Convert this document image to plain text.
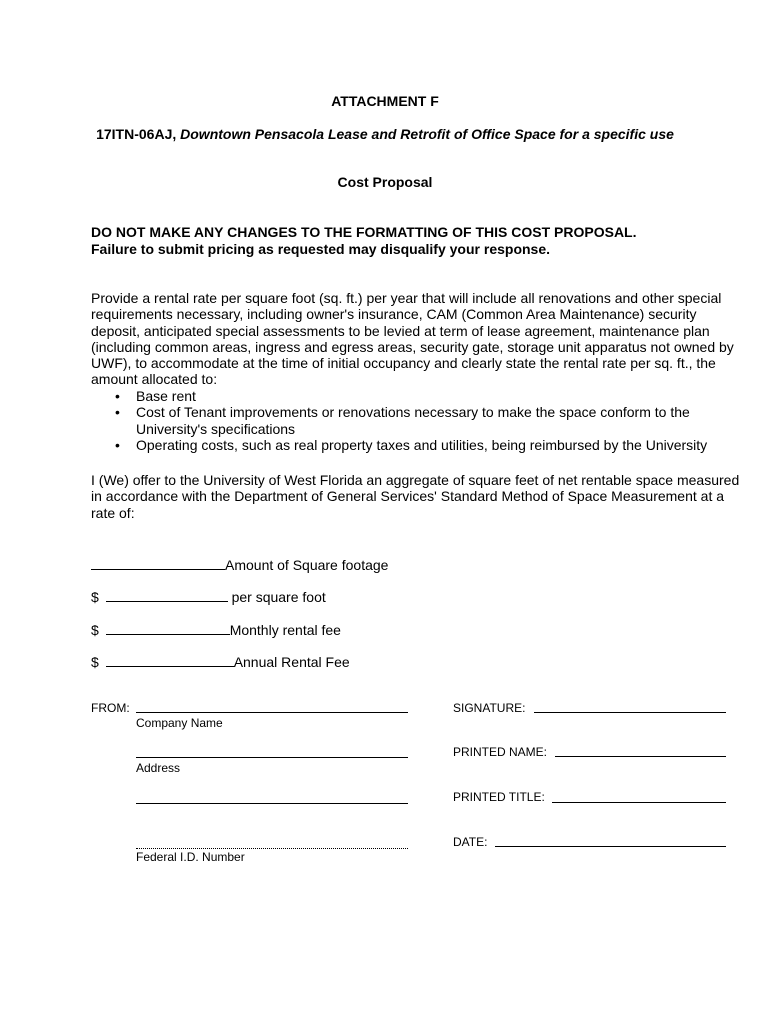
ATTACHMENT F
17ITN-06AJ, Downtown Pensacola Lease and Retrofit of Office Space for a specific use
Cost Proposal
DO NOT MAKE ANY CHANGES TO THE FORMATTING OF THIS COST PROPOSAL.
Failure to submit pricing as requested may disqualify your response.
Provide a rental rate per square foot (sq. ft.) per year that will include all renovations and other special
requirements necessary, including owner's insurance, CAM (Common Area Maintenance) security
deposit, anticipated special assessments to be levied at term of lease agreement, maintenance plan
(including common areas, ingress and egress areas, security gate, storage unit apparatus not owned by
UWF), to accommodate at the time of initial occupancy and clearly state the rental rate per sq. ft., the
amount allocated to:
• Base rent
• Cost of Tenant improvements or renovations necessary to make the space conform to the
University's specifications
• Operating costs, such as real property taxes and utilities, being reimbursed by the University
I (We) offer to the University of West Florida an aggregate of square feet of net rentable space measured
in accordance with the Department of General Services' Standard Method of Space Measurement at a
rate of:
Amount of Square footage
$	per square foot
$	Monthly rental fee
$	Annual Rental Fee
FROM:
Company Name
Address
Federal I.D. Number
SIGNATURE:
PRINTED NAME:
PRINTED TITLE:
DATE:
